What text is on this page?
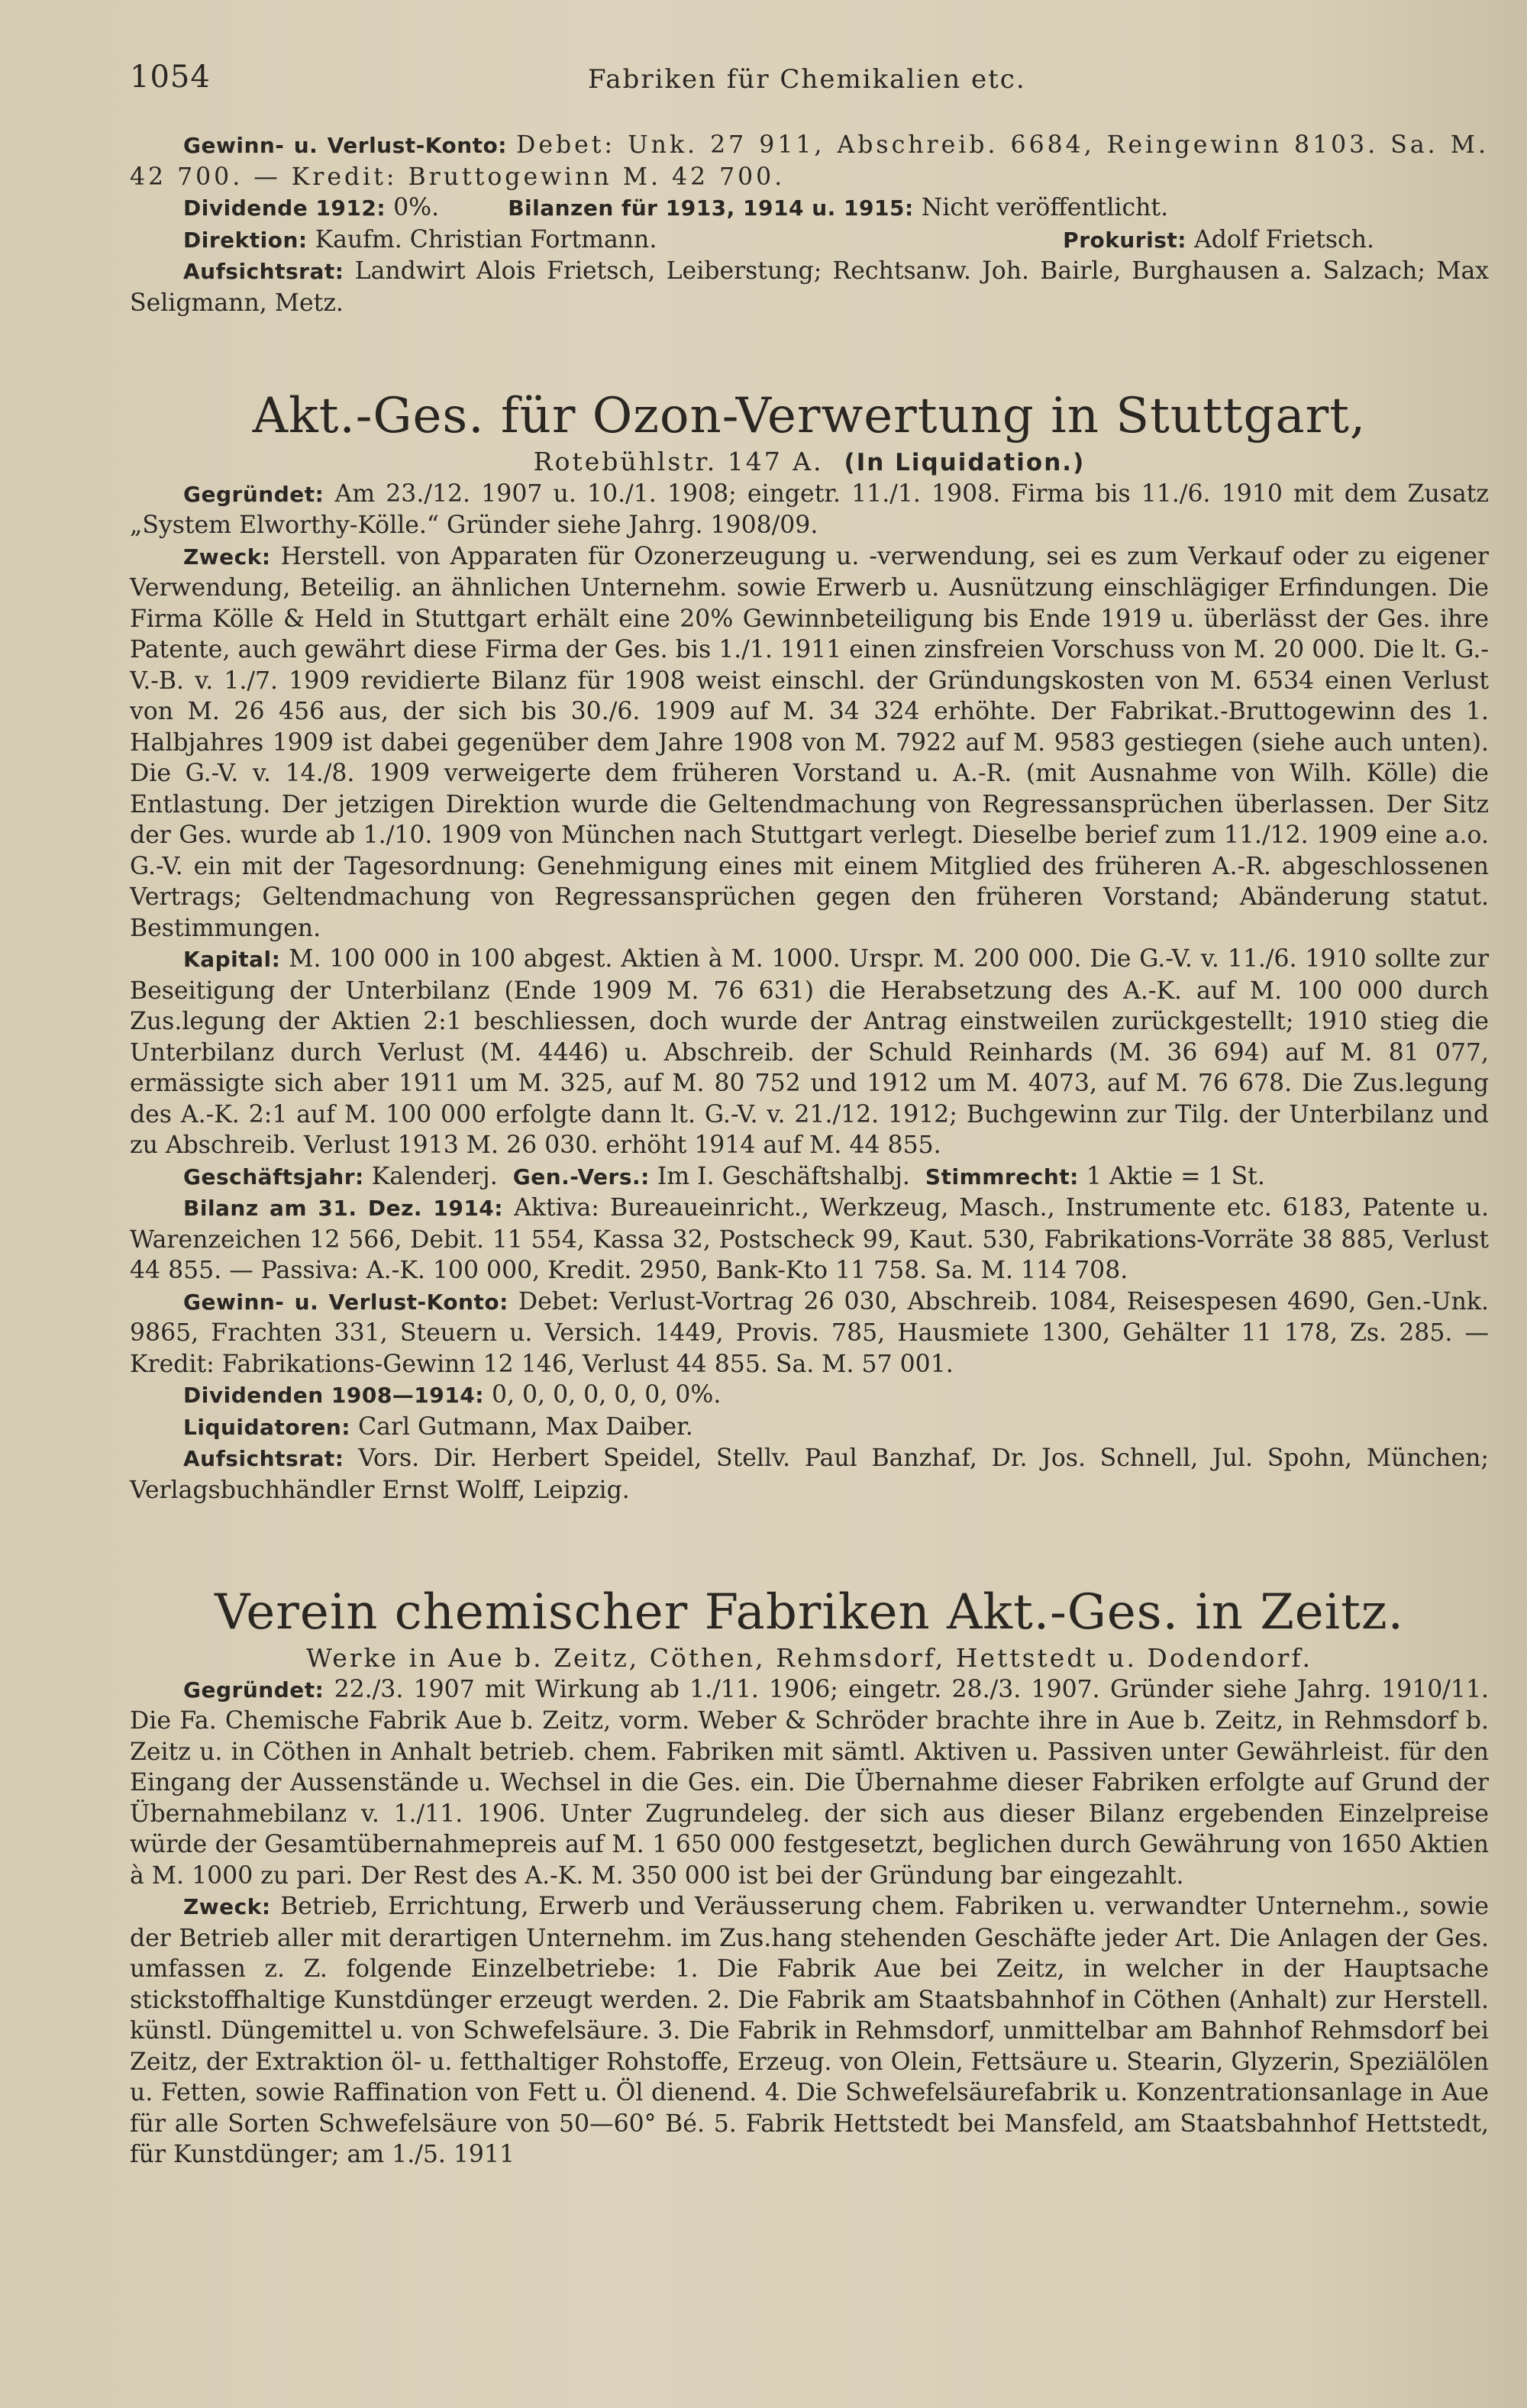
1054	Fabriken für Chemikalien etc.

Gewinn- u. Verlust-Konto: Debet: Unk. 27 911, Abschreib. 6684, Reingewinn 8103. Sa. M. 42 700. — Kredit: Bruttogewinn M. 42 700.

Dividende 1912: 0%.	Bilanzen für 1913, 1914 u. 1915: Nicht veröffentlicht.

Direktion: Kaufm. Christian Fortmann.	Prokurist: Adolf Frietsch.

Aufsichtsrat: Landwirt Alois Frietsch, Leiberstung; Rechtsanw. Joh. Bairle, Burghausen a. Salzach; Max Seligmann, Metz.

Akt.-Ges. für Ozon-Verwertung in Stuttgart,

Rotebühlstr. 147 A. (In Liquidation.)

Gegründet: Am 23./12. 1907 u. 10./1. 1908; eingetr. 11./1. 1908. Firma bis 11./6. 1910 mit dem Zusatz „System Elworthy-Kölle.“ Gründer siehe Jahrg. 1908/09.

Zweck: Herstell. von Apparaten für Ozonerzeugung u. -verwendung, sei es zum Verkauf oder zu eigener Verwendung, Beteilig. an ähnlichen Unternehm. sowie Erwerb u. Ausnützung einschlägiger Erfindungen. Die Firma Kölle & Held in Stuttgart erhält eine 20% Gewinnbeteiligung bis Ende 1919 u. überlässt der Ges. ihre Patente, auch gewährt diese Firma der Ges. bis 1./1. 1911 einen zinsfreien Vorschuss von M. 20 000. Die lt. G.-V.-B. v. 1./7. 1909 revidierte Bilanz für 1908 weist einschl. der Gründungskosten von M. 6534 einen Verlust von M. 26 456 aus, der sich bis 30./6. 1909 auf M. 34 324 erhöhte. Der Fabrikat.-Bruttogewinn des 1. Halbjahres 1909 ist dabei gegenüber dem Jahre 1908 von M. 7922 auf M. 9583 gestiegen (siehe auch unten). Die G.-V. v. 14./8. 1909 verweigerte dem früheren Vorstand u. A.-R. (mit Ausnahme von Wilh. Kölle) die Entlastung. Der jetzigen Direktion wurde die Geltendmachung von Regressansprüchen überlassen. Der Sitz der Ges. wurde ab 1./10. 1909 von München nach Stuttgart verlegt. Dieselbe berief zum 11./12. 1909 eine a.o. G.-V. ein mit der Tagesordnung: Genehmigung eines mit einem Mitglied des früheren A.-R. abgeschlossenen Vertrags; Geltendmachung von Regressansprüchen gegen den früheren Vorstand; Abänderung statut. Bestimmungen.

Kapital: M. 100 000 in 100 abgest. Aktien à M. 1000. Urspr. M. 200 000. Die G.-V. v. 11./6. 1910 sollte zur Beseitigung der Unterbilanz (Ende 1909 M. 76 631) die Herabsetzung des A.-K. auf M. 100 000 durch Zus.legung der Aktien 2:1 beschliessen, doch wurde der Antrag einstweilen zurückgestellt; 1910 stieg die Unterbilanz durch Verlust (M. 4446) u. Abschreib. der Schuld Reinhards (M. 36 694) auf M. 81 077, ermässigte sich aber 1911 um M. 325, auf M. 80 752 und 1912 um M. 4073, auf M. 76 678. Die Zus.legung des A.-K. 2:1 auf M. 100 000 erfolgte dann lt. G.-V. v. 21./12. 1912; Buchgewinn zur Tilg. der Unterbilanz und zu Abschreib. Verlust 1913 M. 26 030. erhöht 1914 auf M. 44 855.

Geschäftsjahr: Kalenderj. Gen.-Vers.: Im I. Geschäftshalbj. Stimmrecht: 1 Aktie = 1 St.

Bilanz am 31. Dez. 1914: Aktiva: Bureaueinricht., Werkzeug, Masch., Instrumente etc. 6183, Patente u. Warenzeichen 12 566, Debit. 11 554, Kassa 32, Postscheck 99, Kaut. 530, Fabrikations-Vorräte 38 885, Verlust 44 855. — Passiva: A.-K. 100 000, Kredit. 2950, Bank-Kto 11 758. Sa. M. 114 708.

Gewinn- u. Verlust-Konto: Debet: Verlust-Vortrag 26 030, Abschreib. 1084, Reisespesen 4690, Gen.-Unk. 9865, Frachten 331, Steuern u. Versich. 1449, Provis. 785, Hausmiete 1300, Gehälter 11 178, Zs. 285. — Kredit: Fabrikations-Gewinn 12 146, Verlust 44 855. Sa. M. 57 001.

Dividenden 1908—1914: 0, 0, 0, 0, 0, 0, 0%.

Liquidatoren: Carl Gutmann, Max Daiber.

Aufsichtsrat: Vors. Dir. Herbert Speidel, Stellv. Paul Banzhaf, Dr. Jos. Schnell, Jul. Spohn, München; Verlagsbuchhändler Ernst Wolff, Leipzig.

Verein chemischer Fabriken Akt.-Ges. in Zeitz.

Werke in Aue b. Zeitz, Cöthen, Rehmsdorf, Hettstedt u. Dodendorf.

Gegründet: 22./3. 1907 mit Wirkung ab 1./11. 1906; eingetr. 28./3. 1907. Gründer siehe Jahrg. 1910/11. Die Fa. Chemische Fabrik Aue b. Zeitz, vorm. Weber & Schröder brachte ihre in Aue b. Zeitz, in Rehmsdorf b. Zeitz u. in Cöthen in Anhalt betrieb. chem. Fabriken mit sämtl. Aktiven u. Passiven unter Gewährleist. für den Eingang der Aussenstände u. Wechsel in die Ges. ein. Die Übernahme dieser Fabriken erfolgte auf Grund der Übernahmebilanz v. 1./11. 1906. Unter Zugrundeleg. der sich aus dieser Bilanz ergebenden Einzelpreise würde der Gesamtübernahmepreis auf M. 1 650 000 festgesetzt, beglichen durch Gewährung von 1650 Aktien à M. 1000 zu pari. Der Rest des A.-K. M. 350 000 ist bei der Gründung bar eingezahlt.

Zweck: Betrieb, Errichtung, Erwerb und Veräusserung chem. Fabriken u. verwandter Unternehm., sowie der Betrieb aller mit derartigen Unternehm. im Zus.hang stehenden Geschäfte jeder Art. Die Anlagen der Ges. umfassen z. Z. folgende Einzelbetriebe: 1. Die Fabrik Aue bei Zeitz, in welcher in der Hauptsache stickstoffhaltige Kunstdünger erzeugt werden. 2. Die Fabrik am Staatsbahnhof in Cöthen (Anhalt) zur Herstell. künstl. Düngemittel u. von Schwefelsäure. 3. Die Fabrik in Rehmsdorf, unmittelbar am Bahnhof Rehmsdorf bei Zeitz, der Extraktion öl- u. fetthaltiger Rohstoffe, Erzeug. von Olein, Fettsäure u. Stearin, Glyzerin, Speziälölen u. Fetten, sowie Raffination von Fett u. Öl dienend. 4. Die Schwefelsäurefabrik u. Konzentrationsanlage in Aue für alle Sorten Schwefelsäure von 50—60° Bé. 5. Fabrik Hettstedt bei Mansfeld, am Staatsbahnhof Hettstedt, für Kunstdünger; am 1./5. 1911
